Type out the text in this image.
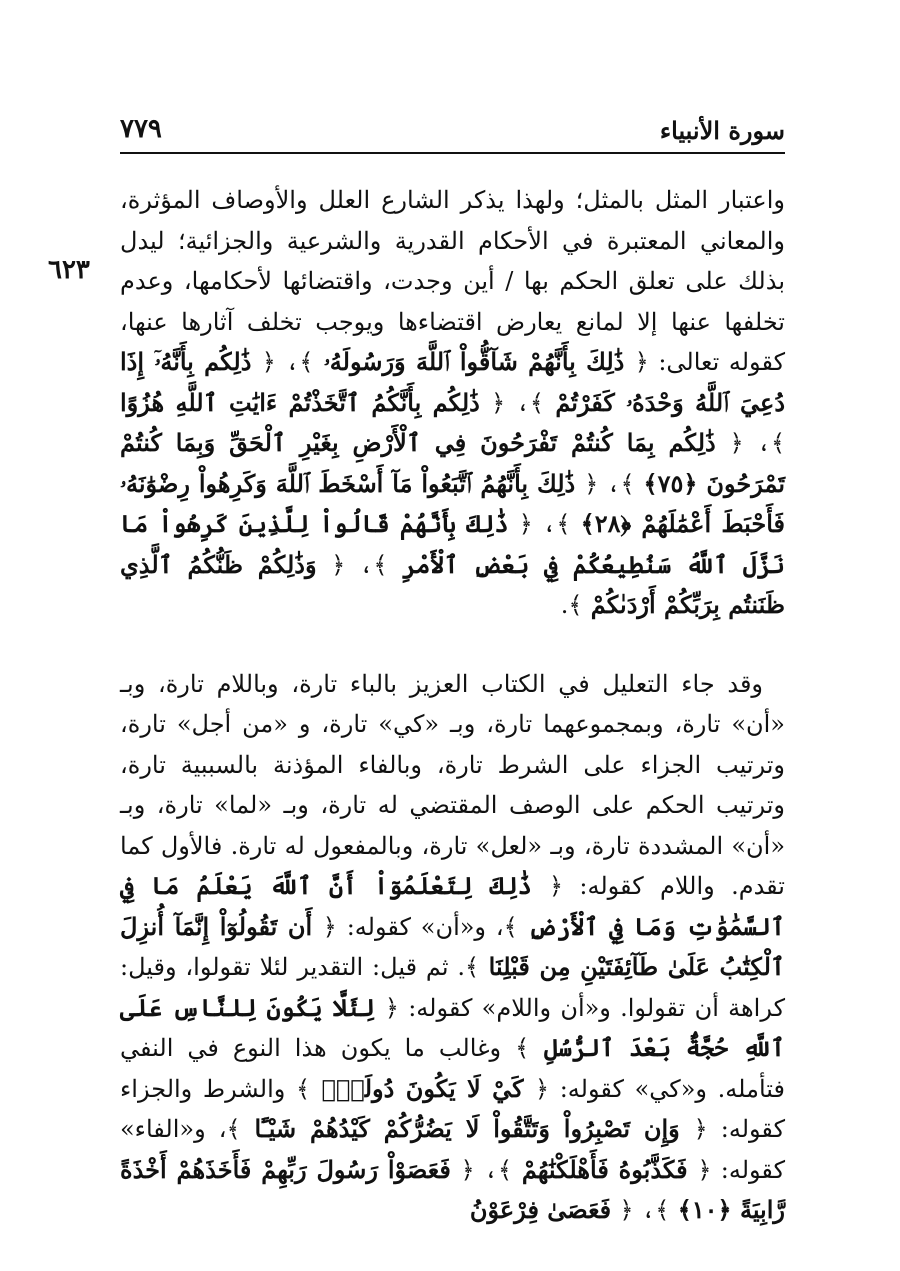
سورة الأنبياء
٧٧٩
٦٢٣

واعتبار المثل بالمثل؛ ولهذا يذكر الشارع العلل والأوصاف المؤثرة، والمعاني المعتبرة في الأحكام القدرية والشرعية والجزائية؛ ليدل بذلك على تعلق الحكم بها / أين وجدت، واقتضائها لأحكامها، وعدم تخلفها عنها إلا لمانع يعارض اقتضاءها ويوجب تخلف آثارها عنها، كقوله تعالى: ﴿ ذَٰلِكَ بِأَنَّهُمْ شَآقُّواْ ٱللَّهَ وَرَسُولَهُۥ ﴾، ﴿ ذَٰلِكُم بِأَنَّهُۥٓ إِذَا دُعِيَ ٱللَّهُ وَحْدَهُۥ كَفَرْتُمْ ﴾، ﴿ ذَٰلِكُم بِأَنَّكُمُ ٱتَّخَذْتُمْ ءَايَٰتِ ٱللَّهِ هُزُوًا ﴾، ﴿ ذَٰلِكُم بِمَا كُنتُمْ تَفْرَحُونَ فِي ٱلْأَرْضِ بِغَيْرِ ٱلْحَقِّ وَبِمَا كُنتُمْ تَمْرَحُونَ ﴿٧٥﴾ ﴾، ﴿ ذَٰلِكَ بِأَنَّهُمُ ٱتَّبَعُواْ مَآ أَسْخَطَ ٱللَّهَ وَكَرِهُواْ رِضْوَٰنَهُۥ فَأَحْبَطَ أَعْمَٰلَهُمْ ﴿٢٨﴾ ﴾، ﴿ ذَٰلِكَ بِأَنَّهُمْ قَالُواْ لِلَّذِينَ كَرِهُواْ مَا نَزَّلَ ٱللَّهُ سَنُطِيعُكُمْ فِي بَعْضِ ٱلْأَمْرِ ﴾، ﴿ وَذَٰلِكُمْ ظَنُّكُمُ ٱلَّذِي ظَنَنتُم بِرَبِّكُمْ أَرْدَىٰكُمْ ﴾.

وقد جاء التعليل في الكتاب العزيز بالباء تارة، وباللام تارة، وبـ «أن» تارة، وبمجموعهما تارة، وبـ «كي» تارة، و «من أجل» تارة، وترتيب الجزاء على الشرط تارة، وبالفاء المؤذنة بالسببية تارة، وترتيب الحكم على الوصف المقتضي له تارة، وبـ «لما» تارة، وبـ «أن» المشددة تارة، وبـ «لعل» تارة، وبالمفعول له تارة. فالأول كما تقدم. واللام كقوله: ﴿ ذَٰلِكَ لِتَعْلَمُوٓاْ أَنَّ ٱللَّهَ يَعْلَمُ مَا فِي ٱلسَّمَٰوَٰتِ وَمَا فِي ٱلْأَرْضِ ﴾، و«أن» كقوله: ﴿ أَن تَقُولُوٓاْ إِنَّمَآ أُنزِلَ ٱلْكِتَٰبُ عَلَىٰ طَآئِفَتَيْنِ مِن قَبْلِنَا ﴾. ثم قيل: التقدير لئلا تقولوا، وقيل: كراهة أن تقولوا. و«أن واللام» كقوله: ﴿ لِئَلَّا يَكُونَ لِلنَّاسِ عَلَى ٱللَّهِ حُجَّةٌۢ بَعْدَ ٱلرُّسُلِ ﴾ وغالب ما يكون هذا النوع في النفي فتأمله. و«كي» كقوله: ﴿ كَيْ لَا يَكُونَ دُولَةًۢ ﴾ والشرط والجزاء كقوله: ﴿ وَإِن تَصْبِرُواْ وَتَتَّقُواْ لَا يَضُرُّكُمْ كَيْدُهُمْ شَيْـًٔا ﴾، و«الفاء» كقوله: ﴿ فَكَذَّبُوهُ فَأَهْلَكْنَٰهُمْ ﴾، ﴿ فَعَصَوْاْ رَسُولَ رَبِّهِمْ فَأَخَذَهُمْ أَخْذَةً رَّابِيَةً ﴿١٠﴾ ﴾، ﴿ فَعَصَىٰ فِرْعَوْنُ
